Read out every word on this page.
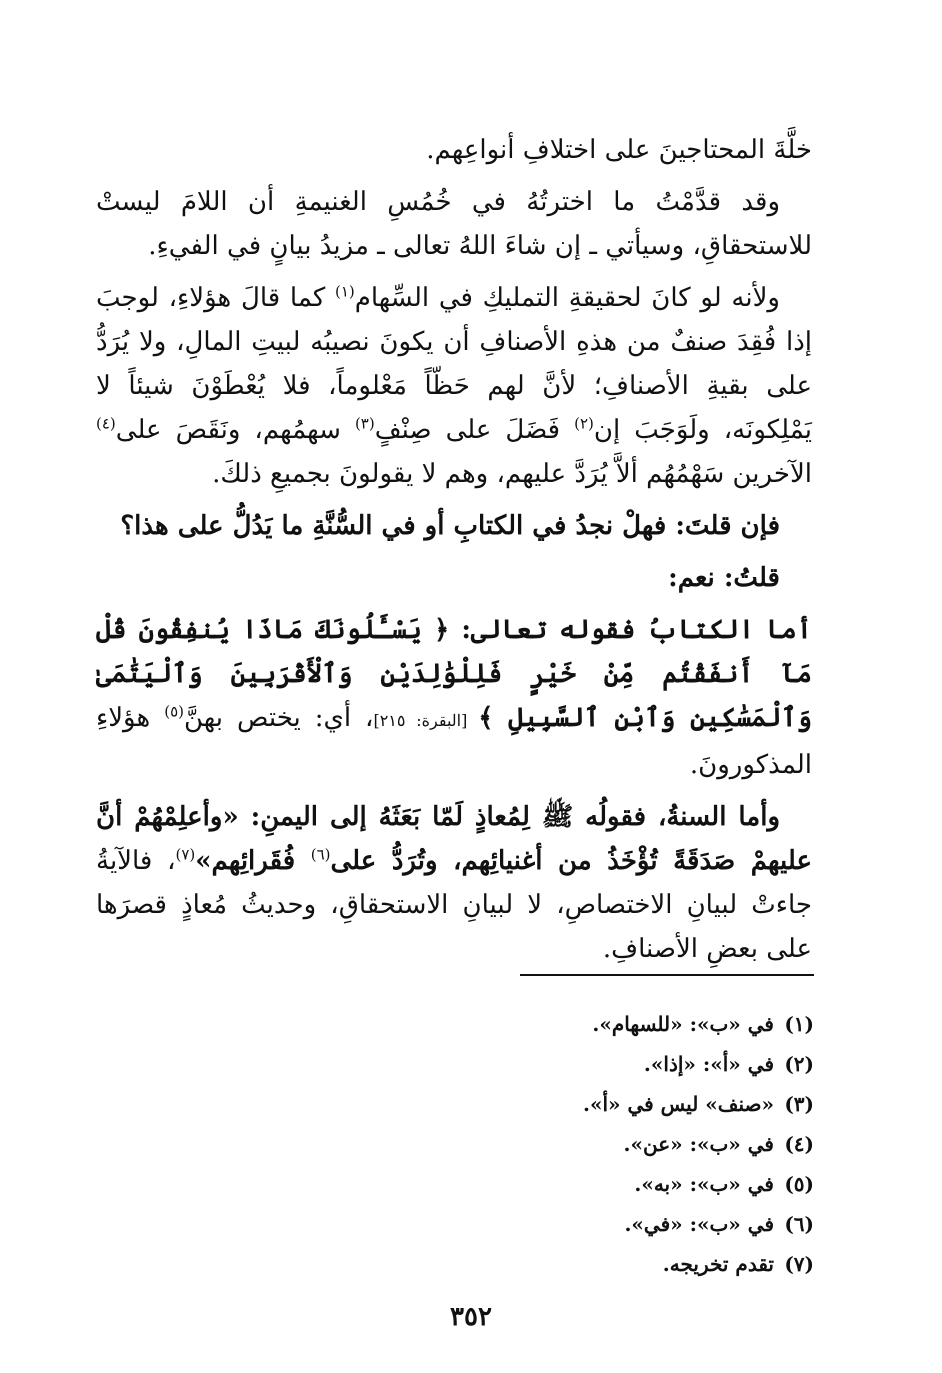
خلَّةَ المحتاجينَ على اختلافِ أنواعِهم.

وقد قدَّمْتُ ما اخترتُهُ في خُمُسِ الغنيمةِ أن اللامَ ليستْ للاستحقاقِ، وسيأتي ـ إن شاءَ اللهُ تعالى ـ مزيدُ بيانٍ في الفيءِ.

ولأنه لو كانَ لحقيقةِ التمليكِ في السِّهام$^{(١)}$ كما قالَ هؤلاءِ، لوجبَ إذا فُقِدَ صنفٌ من هذهِ الأصنافِ أن يكونَ نصيبُه لبيتِ المالِ، ولا يُرَدُّ على بقيةِ الأصنافِ؛ لأنَّ لهم حَظّاً مَعْلوماً، فلا يُعْطَوْنَ شيئاً لا يَمْلِكونَه، ولَوَجَبَ إن$^{(٢)}$ فَضَلَ على صِنْفٍ$^{(٣)}$ سهمُهم، ونَقَصَ على$^{(٤)}$ الآخرين سَهْمُهُم ألاَّ يُرَدَّ عليهم، وهم لا يقولونَ بجميعِ ذلكَ.

فإن قلتَ: فهلْ نجدُ في الكتابِ أو في السُّنَّةِ ما يَدُلُّ على هذا؟

قلتُ: نعم:

أما الكتابُ فقوله تعالى: ﴿ يَسْـَٔلُونَكَ مَاذَا يُنفِقُونَ قُلْ مَآ أَنفَقْتُم مِّنْ خَيْرٍ فَلِلْوَٰلِدَيْنِ وَٱلْأَقْرَبِينَ وَٱلْيَتَٰمَىٰ وَٱلْمَسَٰكِينِ وَٱبْنِ ٱلسَّبِيلِ ﴾ [البقرة: ٢١٥]، أي: يختص بهنَّ$^{(٥)}$ هؤلاءِ المذكورونَ.

وأما السنةُ، فقولُه ﷺ لِمُعاذٍ لَمّا بَعَثَهُ إلى اليمنِ: «وأعلِمْهُمْ أنَّ عليهمْ صَدَقَةً تُؤْخَذُ من أغنيائِهم، وتُرَدُّ على$^{(٦)}$ فُقَرائِهم»$^{(٧)}$، فالآيةُ جاءتْ لبيانِ الاختصاصِ، لا لبيانِ الاستحقاقِ، وحديثُ مُعاذٍ قصرَها على بعضِ الأصنافِ.

(١)في «ب»: «للسهام».
(٢)في «أ»: «إذا».
(٣)«صنف» ليس في «أ».
(٤)في «ب»: «عن».
(٥)في «ب»: «به».
(٦)في «ب»: «في».
(٧)تقدم تخريجه.
٣٥٢
